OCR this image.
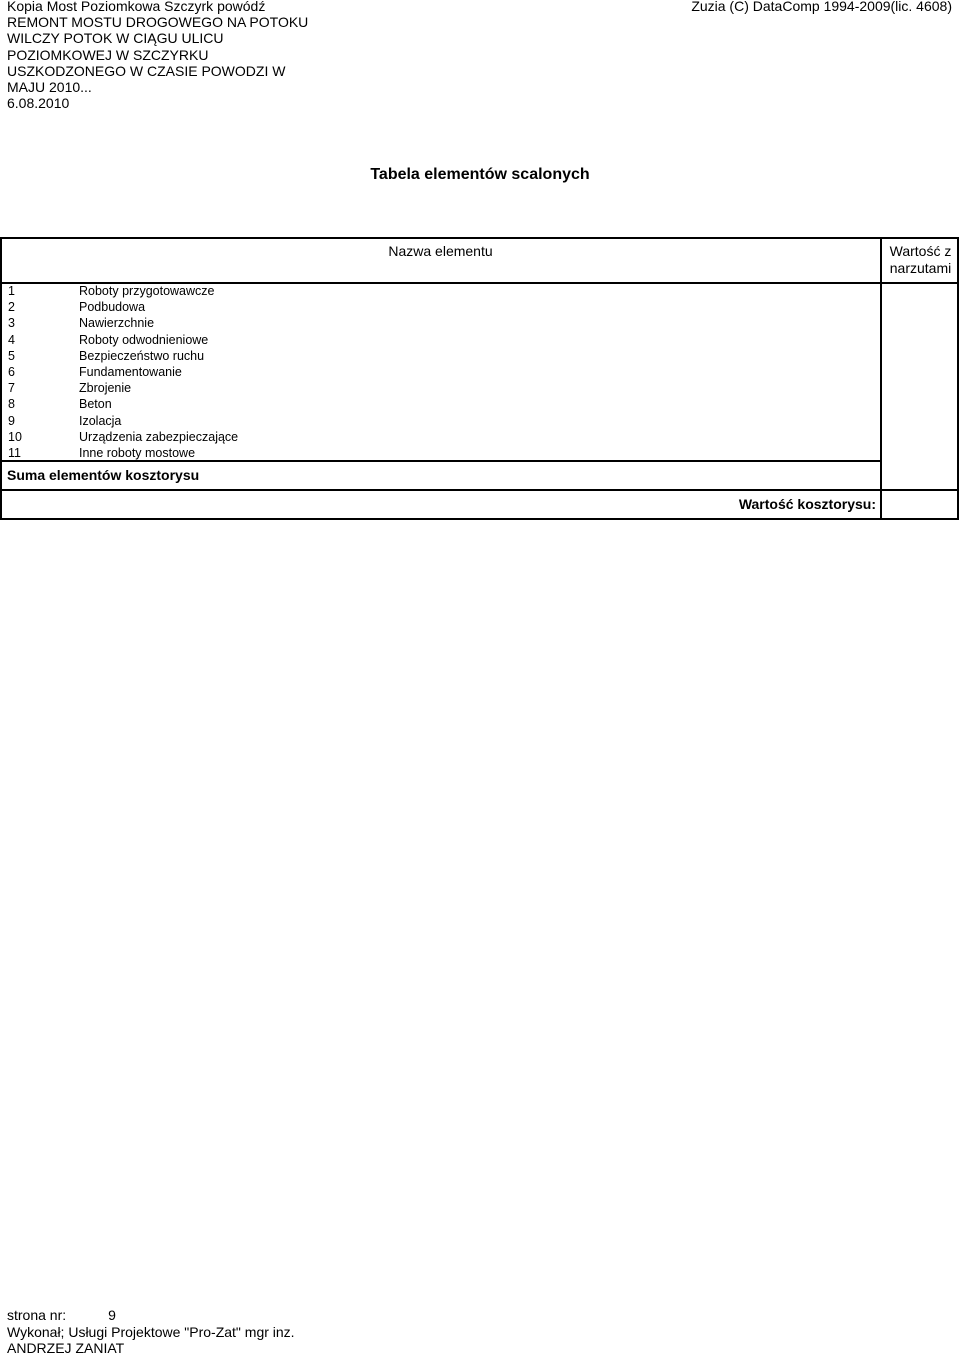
Kopia Most Poziomkowa Szczyrk powódź
REMONT MOSTU DROGOWEGO NA POTOKU
WILCZY POTOK W CIĄGU ULICU
POZIOMKOWEJ W SZCZYRKU
USZKODZONEGO W CZASIE POWODZI W
MAJU 2010...
6.08.2010
Zuzia (C) DataComp 1994-2009(lic. 4608)
Tabela elementów scalonych
Nazwa elementu	Wartość z
narzutami
1	Roboty przygotowawcze
2	Podbudowa
3	Nawierzchnie
4	Roboty odwodnieniowe
5	Bezpieczeństwo ruchu
6	Fundamentowanie
7	Zbrojenie
8	Beton
9	Izolacja
10	Urządzenia zabezpieczające
11	Inne roboty mostowe
Suma elementów kosztorysu
Wartość kosztorysu:
strona nr:	9
Wykonał; Usługi Projektowe "Pro-Zat" mgr inz.
ANDRZEJ ZANIAT
